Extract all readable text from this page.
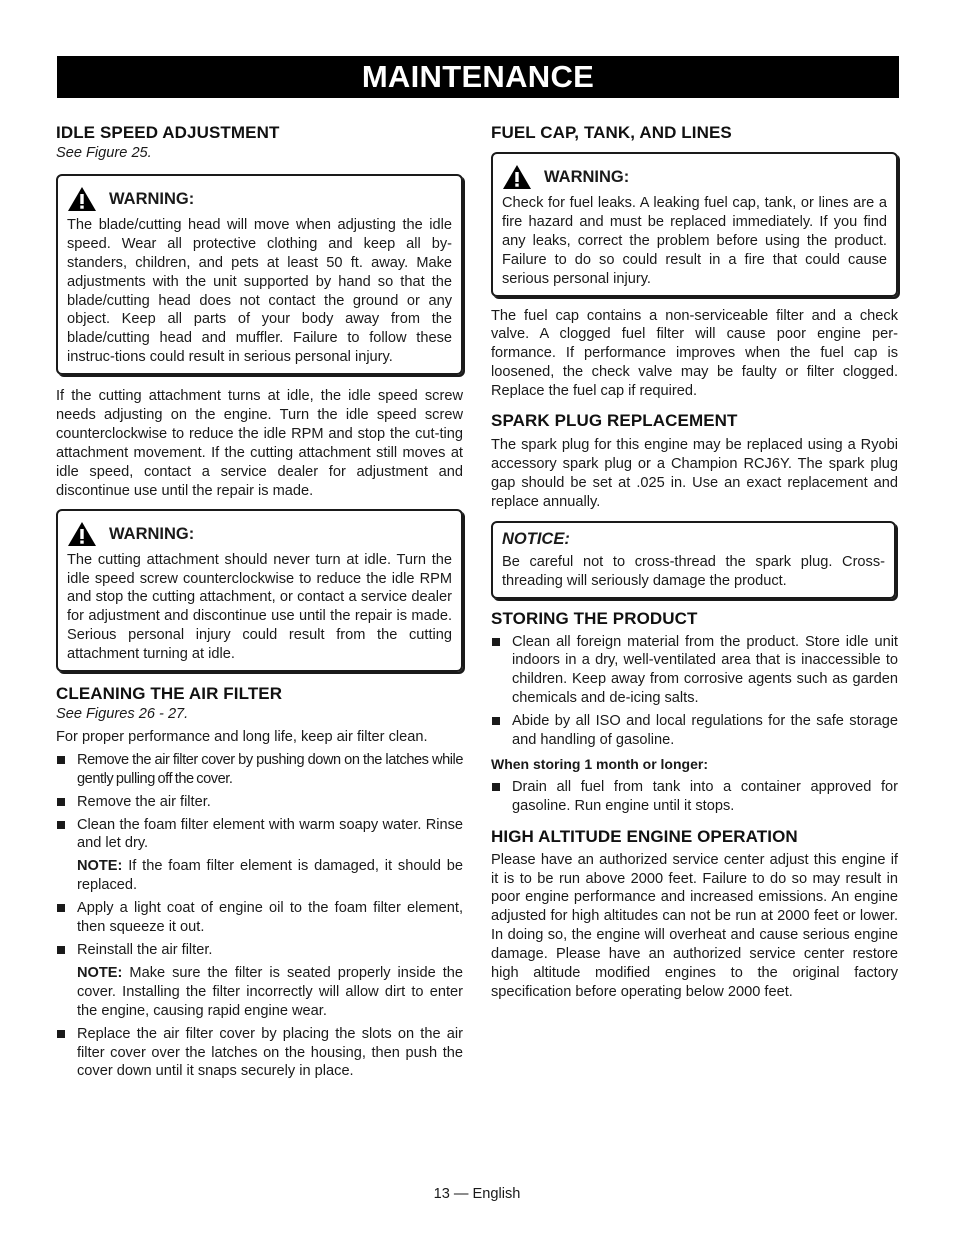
MAINTENANCE
IDLE SPEED ADJUSTMENT
See Figure 25.
WARNING:

The blade/cutting head will move when adjusting the idle speed. Wear all protective clothing and keep all by-standers, children, and pets at least 50 ft. away. Make adjustments with the unit supported by hand so that the blade/cutting head does not contact the ground or any object. Keep all parts of your body away from the blade/cutting head and muffler. Failure to follow these instruc-tions could result in serious personal injury.

If the cutting attachment turns at idle, the idle speed screw needs adjusting on the engine. Turn the idle speed screw counterclockwise to reduce the idle RPM and stop the cut-ting attachment movement. If the cutting attachment still moves at idle speed, contact a service dealer for adjustment and discontinue use until the repair is made.

WARNING:

The cutting attachment should never turn at idle. Turn the idle speed screw counterclockwise to reduce the idle RPM and stop the cutting attachment, or contact a service dealer for adjustment and discontinue use until the repair is made. Serious personal injury could result from the cutting attachment turning at idle.

CLEANING THE AIR FILTER
See Figures 26 - 27.

For proper performance and long life, keep air filter clean.

Remove the air filter cover by pushing down on the latches while gently pulling off the cover.
Remove the air filter.
Clean the foam filter element with warm soapy water. Rinse and let dry.

NOTE: If the foam filter element is damaged, it should be replaced.

Apply a light coat of engine oil to the foam filter element, then squeeze it out.
Reinstall the air filter.

NOTE: Make sure the filter is seated properly inside the cover. Installing the filter incorrectly will allow dirt to enter the engine, causing rapid engine wear.

Replace the air filter cover by placing the slots on the air filter cover over the latches on the housing, then push the cover down until it snaps securely in place.
FUEL CAP, TANK, AND LINES
WARNING:

Check for fuel leaks. A leaking fuel cap, tank, or lines are a fire hazard and must be replaced immediately. If you find any leaks, correct the problem before using the product. Failure to do so could result in a fire that could cause serious personal injury.

The fuel cap contains a non-serviceable filter and a check valve. A clogged fuel filter will cause poor engine per-formance. If performance improves when the fuel cap is loosened, the check valve may be faulty or filter clogged. Replace the fuel cap if required.

SPARK PLUG REPLACEMENT

The spark plug for this engine may be replaced using a Ryobi accessory spark plug or a Champion RCJ6Y. The spark plug gap should be set at .025 in. Use an exact replacement and replace annually.

NOTICE:

Be careful not to cross-thread the spark plug. Cross-threading will seriously damage the product.

STORING THE PRODUCT
Clean all foreign material from the product. Store idle unit indoors in a dry, well-ventilated area that is inaccessible to children. Keep away from corrosive agents such as garden chemicals and de-icing salts.
Abide by all ISO and local regulations for the safe storage and handling of gasoline.
When storing 1 month or longer:
Drain all fuel from tank into a container approved for gasoline. Run engine until it stops.
HIGH ALTITUDE ENGINE OPERATION

Please have an authorized service center adjust this engine if it is to be run above 2000 feet. Failure to do so may result in poor engine performance and increased emissions. An engine adjusted for high altitudes can not be run at 2000 feet or lower. In doing so, the engine will overheat and cause serious engine damage. Please have an authorized service center restore high altitude modified engines to the original factory specification before operating below 2000 feet.

13 — English
